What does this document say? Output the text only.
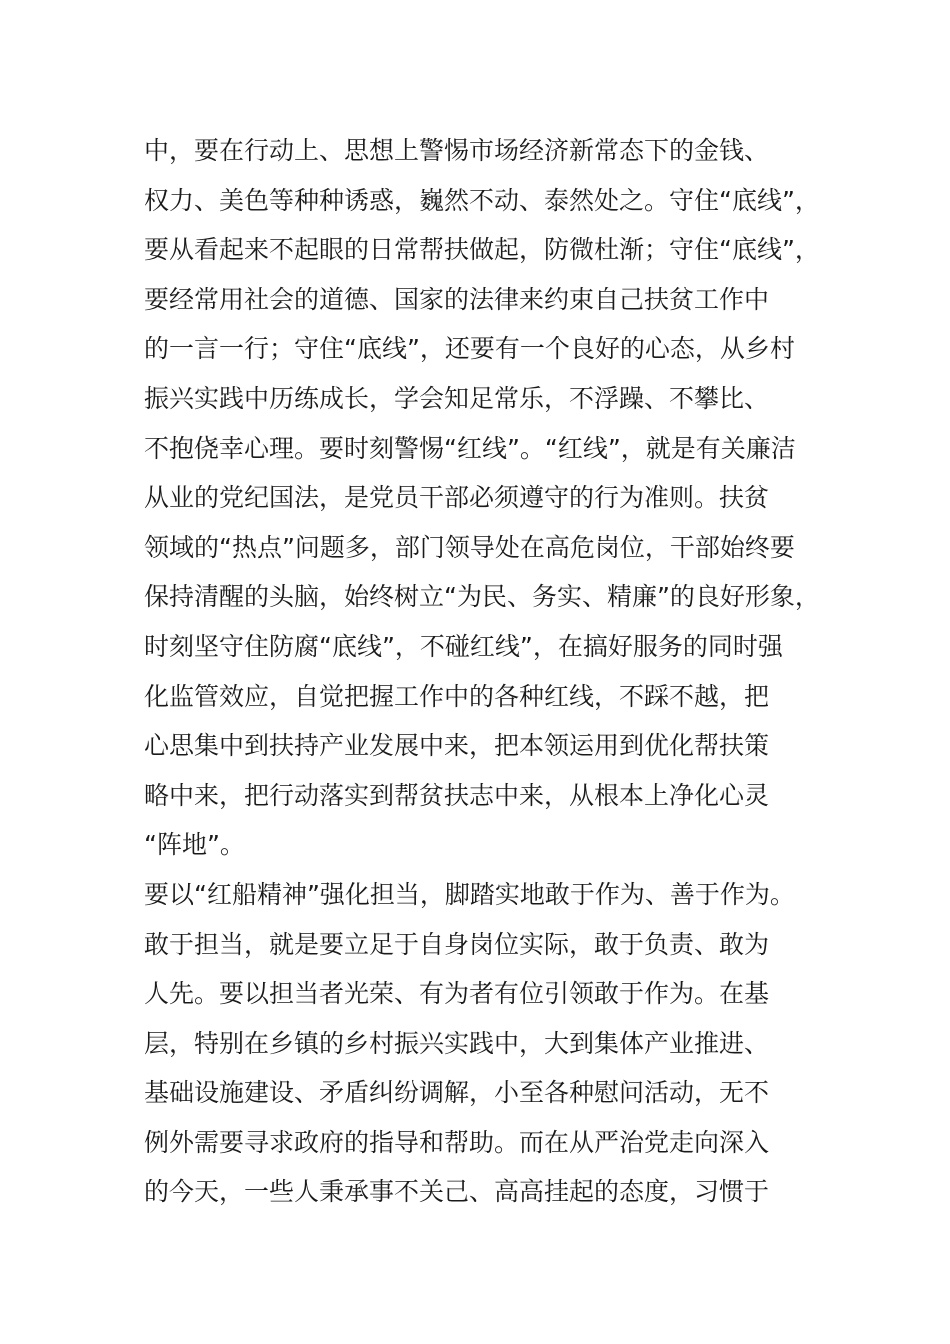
中，要在行动上、思想上警惕市场经济新常态下的金钱、
权力、美色等种种诱惑，巍然不动、泰然处之。守住“底线”，
要从看起来不起眼的日常帮扶做起，防微杜渐；守住“底线”，
要经常用社会的道德、国家的法律来约束自己扶贫工作中
的一言一行；守住“底线”，还要有一个良好的心态，从乡村
振兴实践中历练成长，学会知足常乐，不浮躁、不攀比、
不抱侥幸心理。要时刻警惕“红线”。“红线”，就是有关廉洁
从业的党纪国法，是党员干部必须遵守的行为准则。扶贫
领域的“热点”问题多，部门领导处在高危岗位，干部始终要
保持清醒的头脑，始终树立“为民、务实、精廉”的良好形象，
时刻坚守住防腐“底线”，不碰红线”，在搞好服务的同时强
化监管效应，自觉把握工作中的各种红线，不踩不越，把
心思集中到扶持产业发展中来，把本领运用到优化帮扶策
略中来，把行动落实到帮贫扶志中来，从根本上净化心灵
“阵地”。
要以“红船精神”强化担当，脚踏实地敢于作为、善于作为。
敢于担当，就是要立足于自身岗位实际，敢于负责、敢为
人先。要以担当者光荣、有为者有位引领敢于作为。在基
层，特别在乡镇的乡村振兴实践中，大到集体产业推进、
基础设施建设、矛盾纠纷调解，小至各种慰问活动，无不
例外需要寻求政府的指导和帮助。而在从严治党走向深入
的今天，一些人秉承事不关己、高高挂起的态度，习惯于
